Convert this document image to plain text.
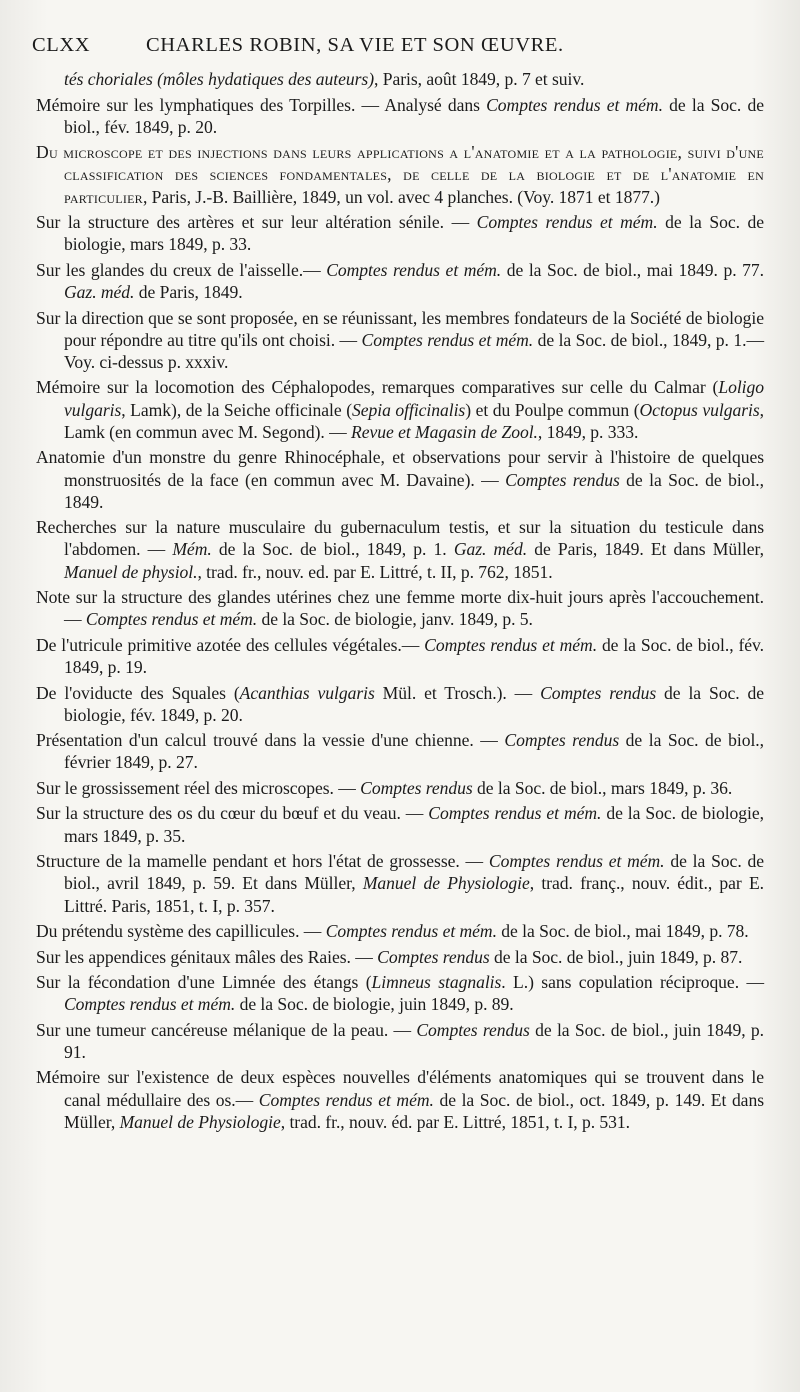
CLXX	CHARLES ROBIN, SA VIE ET SON ŒUVRE.

tés choriales (môles hydatiques des auteurs), Paris, août 1849, p. 7 et suiv.

Mémoire sur les lymphatiques des Torpilles. — Analysé dans Comptes rendus et mém. de la Soc. de biol., fév. 1849, p. 20.

Du microscope et des injections dans leurs applications a l'anatomie et a la pathologie, suivi d'une classification des sciences fondamentales, de celle de la biologie et de l'anatomie en particulier, Paris, J.-B. Baillière, 1849, un vol. avec 4 planches. (Voy. 1871 et 1877.)

Sur la structure des artères et sur leur altération sénile. — Comptes rendus et mém. de la Soc. de biologie, mars 1849, p. 33.

Sur les glandes du creux de l'aisselle.— Comptes rendus et mém. de la Soc. de biol., mai 1849. p. 77. Gaz. méd. de Paris, 1849.

Sur la direction que se sont proposée, en se réunissant, les membres fondateurs de la Société de biologie pour répondre au titre qu'ils ont choisi. — Comptes rendus et mém. de la Soc. de biol., 1849, p. 1.—Voy. ci-dessus p. xxxiv.

Mémoire sur la locomotion des Céphalopodes, remarques comparatives sur celle du Calmar (Loligo vulgaris, Lamk), de la Seiche officinale (Sepia officinalis) et du Poulpe commun (Octopus vulgaris, Lamk (en commun avec M. Segond). — Revue et Magasin de Zool., 1849, p. 333.

Anatomie d'un monstre du genre Rhinocéphale, et observations pour servir à l'histoire de quelques monstruosités de la face (en commun avec M. Davaine). — Comptes rendus de la Soc. de biol., 1849.

Recherches sur la nature musculaire du gubernaculum testis, et sur la situation du testicule dans l'abdomen. — Mém. de la Soc. de biol., 1849, p. 1. Gaz. méd. de Paris, 1849. Et dans Müller, Manuel de physiol., trad. fr., nouv. ed. par E. Littré, t. II, p. 762, 1851.

Note sur la structure des glandes utérines chez une femme morte dix-huit jours après l'accouchement. — Comptes rendus et mém. de la Soc. de biologie, janv. 1849, p. 5.

De l'utricule primitive azotée des cellules végétales.— Comptes rendus et mém. de la Soc. de biol., fév. 1849, p. 19.

De l'oviducte des Squales (Acanthias vulgaris Mül. et Trosch.). — Comptes rendus de la Soc. de biologie, fév. 1849, p. 20.

Présentation d'un calcul trouvé dans la vessie d'une chienne. — Comptes rendus de la Soc. de biol., février 1849, p. 27.

Sur le grossissement réel des microscopes. — Comptes rendus de la Soc. de biol., mars 1849, p. 36.

Sur la structure des os du cœur du bœuf et du veau. — Comptes rendus et mém. de la Soc. de biologie, mars 1849, p. 35.

Structure de la mamelle pendant et hors l'état de grossesse. — Comptes rendus et mém. de la Soc. de biol., avril 1849, p. 59. Et dans Müller, Manuel de Physiologie, trad. franç., nouv. édit., par E. Littré. Paris, 1851, t. I, p. 357.

Du prétendu système des capillicules. — Comptes rendus et mém. de la Soc. de biol., mai 1849, p. 78.

Sur les appendices génitaux mâles des Raies. — Comptes rendus de la Soc. de biol., juin 1849, p. 87.

Sur la fécondation d'une Limnée des étangs (Limneus stagnalis. L.) sans copulation réciproque. — Comptes rendus et mém. de la Soc. de biologie, juin 1849, p. 89.

Sur une tumeur cancéreuse mélanique de la peau. — Comptes rendus de la Soc. de biol., juin 1849, p. 91.

Mémoire sur l'existence de deux espèces nouvelles d'éléments anatomiques qui se trouvent dans le canal médullaire des os.— Comptes rendus et mém. de la Soc. de biol., oct. 1849, p. 149. Et dans Müller, Manuel de Physiologie, trad. fr., nouv. éd. par E. Littré, 1851, t. I, p. 531.
